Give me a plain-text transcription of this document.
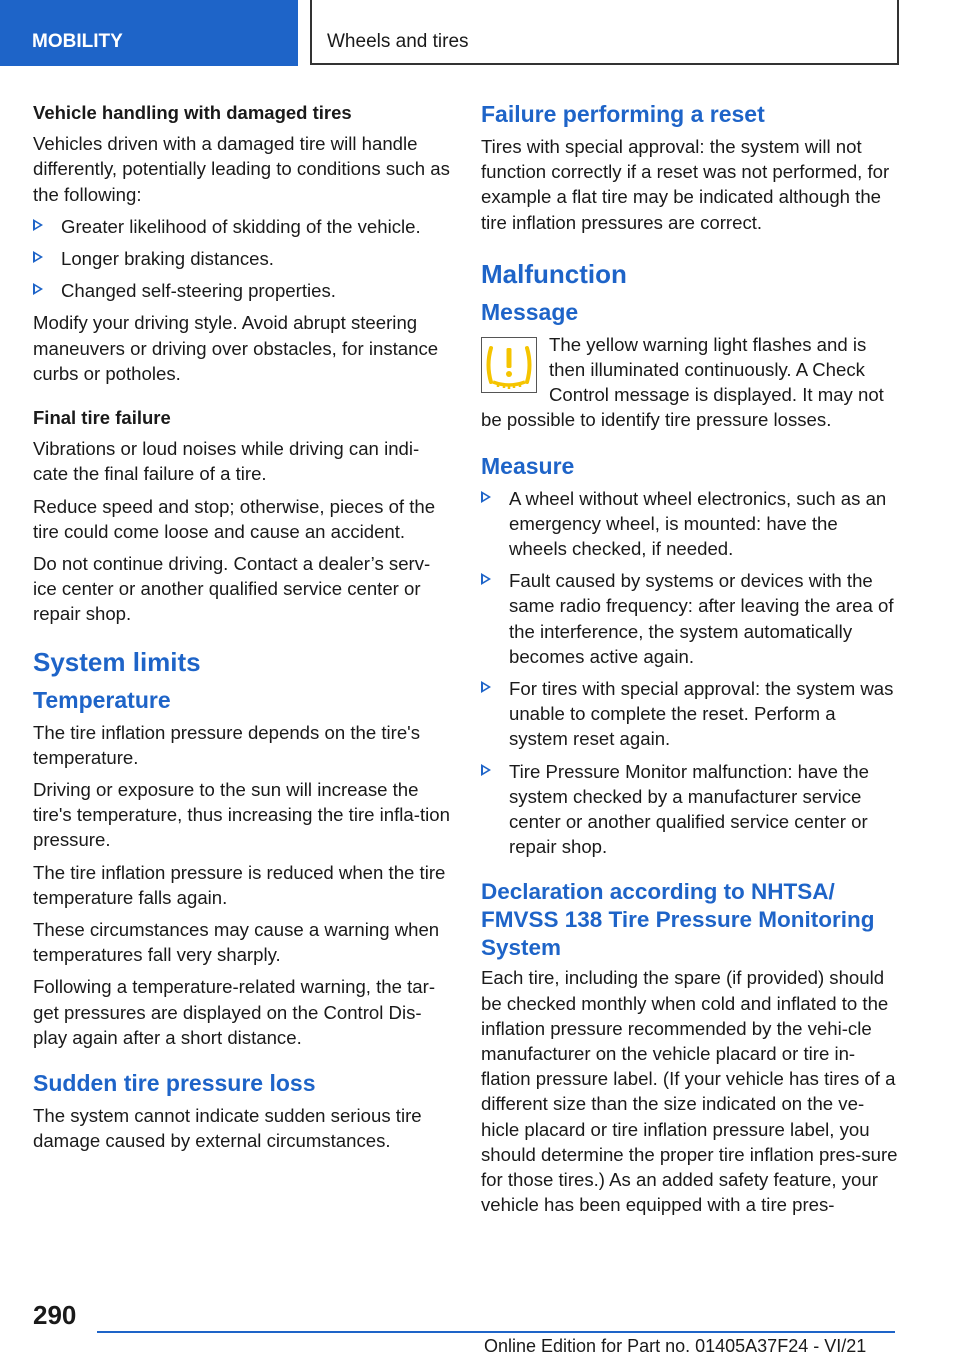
MOBILITY	Wheels and tires
Vehicle handling with damaged tires

Vehicles driven with a damaged tire will handle differently, potentially leading to conditions such as the following:

Greater likelihood of skidding of the vehicle.
Longer braking distances.
Changed self-steering properties.

Modify your driving style. Avoid abrupt steering maneuvers or driving over obstacles, for instance curbs or potholes.

Final tire failure

Vibrations or loud noises while driving can indi‐cate the final failure of a tire.

Reduce speed and stop; otherwise, pieces of the tire could come loose and cause an accident.

Do not continue driving. Contact a dealer’s serv‐ice center or another qualified service center or repair shop.

System limits
Temperature

The tire inflation pressure depends on the tire's temperature.

Driving or exposure to the sun will increase the tire's temperature, thus increasing the tire infla‐tion pressure.

The tire inflation pressure is reduced when the tire temperature falls again.

These circumstances may cause a warning when temperatures fall very sharply.

Following a temperature-related warning, the tar‐get pressures are displayed on the Control Dis‐play again after a short distance.

Sudden tire pressure loss

The system cannot indicate sudden serious tire damage caused by external circumstances.

Failure performing a reset

Tires with special approval: the system will not function correctly if a reset was not performed, for example a flat tire may be indicated although the tire inflation pressures are correct.

Malfunction
Message

The yellow warning light flashes and is then illuminated continuously. A Check Control message is displayed. It may not be possible to identify tire pressure losses.

Measure
A wheel without wheel electronics, such as an emergency wheel, is mounted: have the wheels checked, if needed.
Fault caused by systems or devices with the same radio frequency: after leaving the area of the interference, the system automatically becomes active again.
For tires with special approval: the system was unable to complete the reset. Perform a system reset again.
Tire Pressure Monitor malfunction: have the system checked by a manufacturer service center or another qualified service center or repair shop.
Declaration according to NHTSA/ FMVSS 138 Tire Pressure Monitoring System

Each tire, including the spare (if provided) should be checked monthly when cold and inflated to the inflation pressure recommended by the vehi‐cle manufacturer on the vehicle placard or tire in‐flation pressure label. (If your vehicle has tires of a different size than the size indicated on the ve‐hicle placard or tire inflation pressure label, you should determine the proper tire inflation pres‐sure for those tires.) As an added safety feature, your vehicle has been equipped with a tire pres‐

290
Online Edition for Part no. 01405A37F24 - VI/21
